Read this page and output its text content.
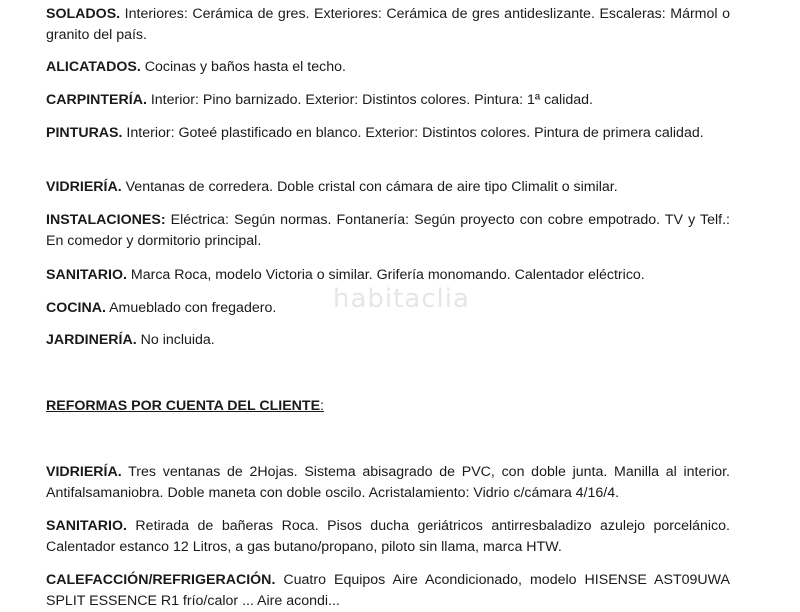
habitaclia

SOLADOS. Interiores: Cerámica de gres. Exteriores: Cerámica de gres antideslizante. Escaleras: Mármol o granito del país.

ALICATADOS. Cocinas y baños hasta el techo.

CARPINTERÍA. Interior: Pino barnizado. Exterior: Distintos colores. Pintura: 1ª calidad.

PINTURAS. Interior: Goteé plastificado en blanco. Exterior: Distintos colores. Pintura de primera calidad.

VIDRIERÍA. Ventanas de corredera. Doble cristal con cámara de aire tipo Climalit o similar.

INSTALACIONES: Eléctrica: Según normas. Fontanería: Según proyecto con cobre empotrado. TV y Telf.: En comedor y dormitorio principal.

SANITARIO. Marca Roca, modelo Victoria o similar. Grifería monomando. Calentador eléctrico.

COCINA. Amueblado con fregadero.

JARDINERÍA. No incluida.

REFORMAS POR CUENTA DEL CLIENTE:

VIDRIERÍA. Tres ventanas de 2Hojas. Sistema abisagrado de PVC, con doble junta. Manilla al interior. Antifalsamaniobra. Doble maneta con doble oscilo. Acristalamiento: Vidrio c/cámara 4/16/4.

SANITARIO. Retirada de bañeras Roca. Pisos ducha geriátricos antirresbaladizo azulejo porcelánico. Calentador estanco 12 Litros, a gas butano/propano, piloto sin llama, marca HTW.

CALEFACCIÓN/REFRIGERACIÓN. Cuatro Equipos Aire Acondicionado, modelo HISENSE AST09UWA SPLIT ESSENCE R1 frío/calor ... Aire acondi...
